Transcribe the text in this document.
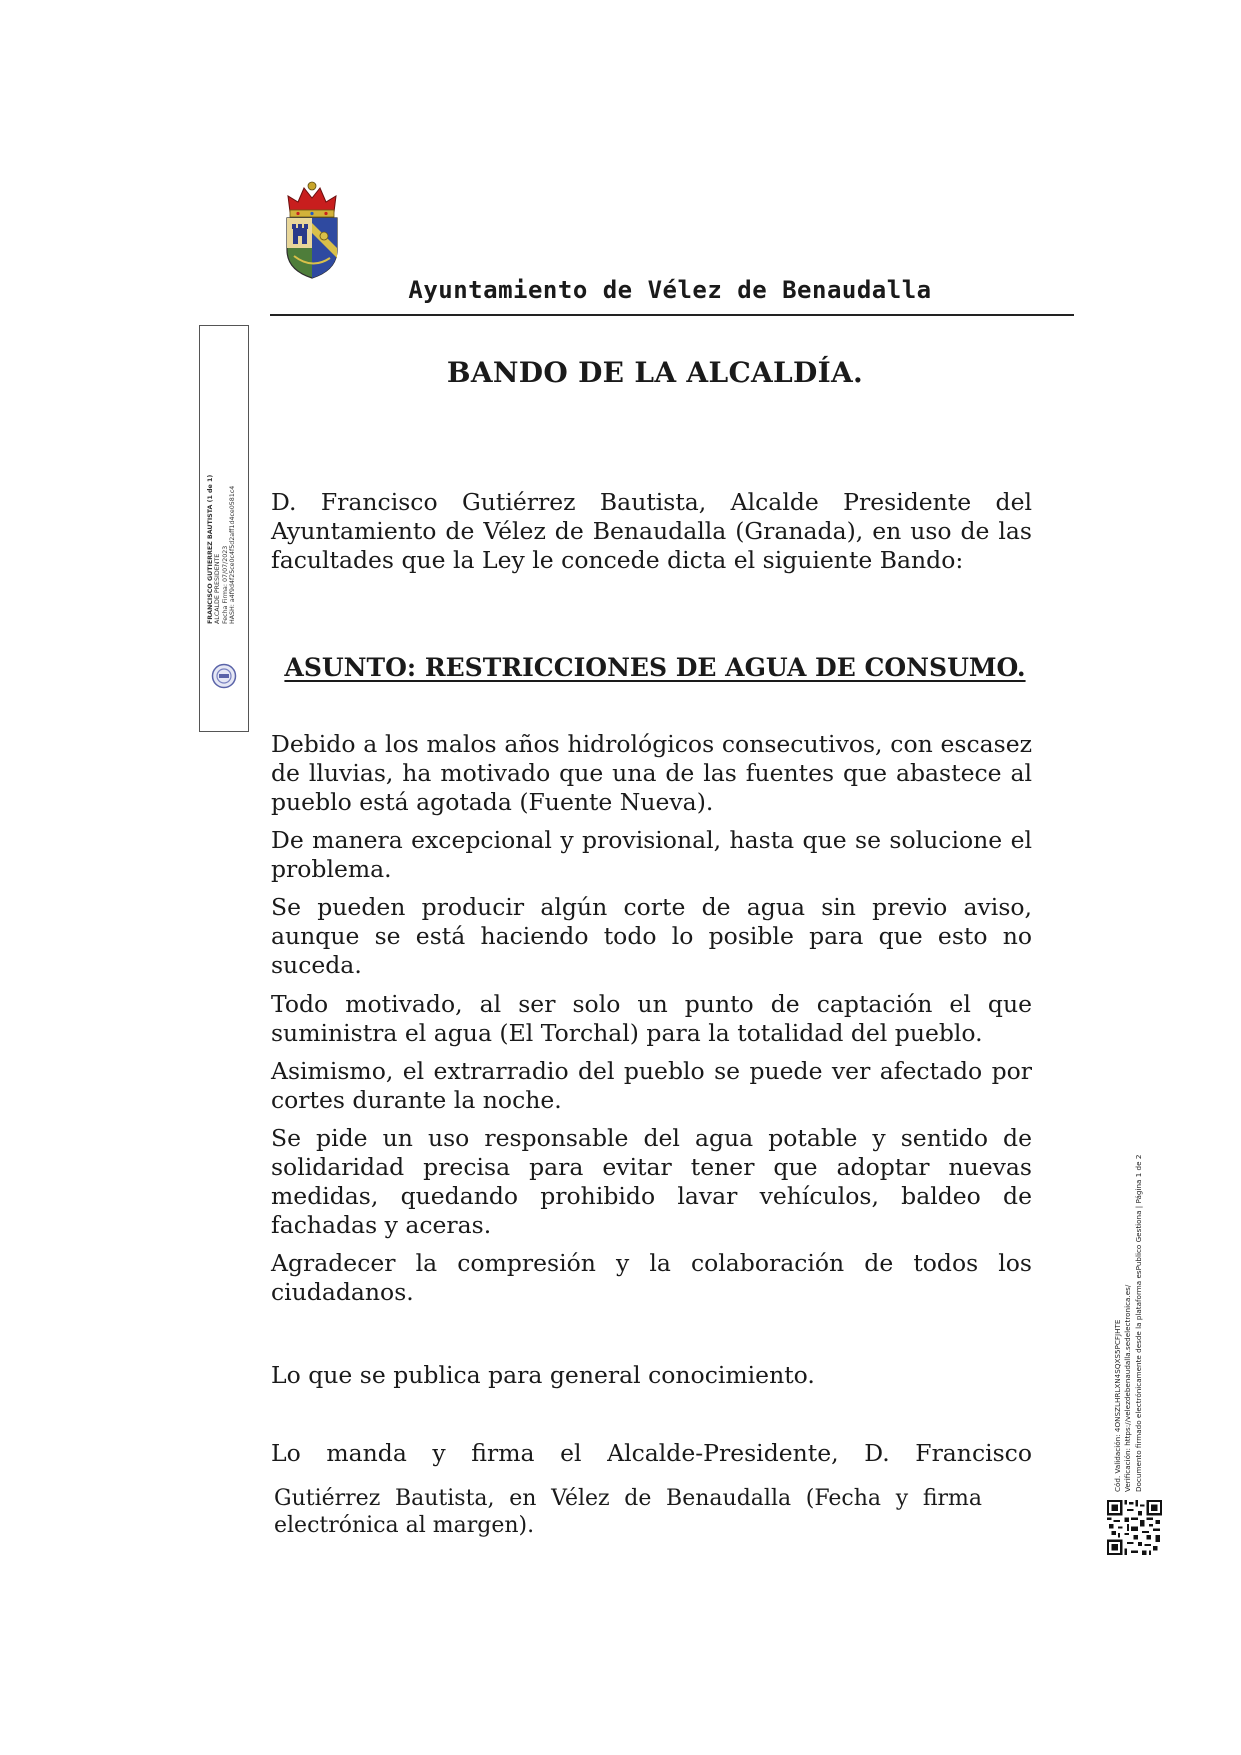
Ayuntamiento de Vélez de Benaudalla
FRANCISCO GUTIERREZ BAUTISTA (1 de 1) ALCALDE PRESIDENTE Fecha Firma: 07/07/2023 HASH: a4f9d4f25ce0c4f5d2aff1d4ce0581c4
BANDO DE LA ALCALDÍA.

D. Francisco Gutiérrez Bautista, Alcalde Presidente del Ayuntamiento de Vélez de Benaudalla (Granada), en uso de las facultades que la Ley le concede dicta el siguiente Bando:

ASUNTO: RESTRICCIONES DE AGUA DE CONSUMO.

Debido a los malos años hidrológicos consecutivos, con escasez de lluvias, ha motivado que una de las fuentes que abastece al pueblo está agotada (Fuente Nueva).

De manera excepcional y provisional, hasta que se solucione el problema.

Se pueden producir algún corte de agua sin previo aviso, aunque se está haciendo todo lo posible para que esto no suceda.

Todo motivado, al ser solo un punto de captación el que suministra el agua (El Torchal) para la totalidad del pueblo.

Asimismo, el extrarradio del pueblo se puede ver afectado por cortes durante la noche.

Se pide un uso responsable del agua potable y sentido de solidaridad precisa para evitar tener que adoptar nuevas medidas, quedando prohibido lavar vehículos, baldeo de fachadas y aceras.

Agradecer la compresión y la colaboración de todos los ciudadanos.

Lo que se publica para general conocimiento.

Lo manda y firma el Alcalde-Presidente, D. Francisco

Gutiérrez Bautista, en Vélez de Benaudalla (Fecha y firma electrónica al margen).

Cód. Validación: 4ONSZLHRLXN4SQXS5PCFJHTE Verificación: https://velezdebenaudalla.sedelectronica.es/ Documento firmado electrónicamente desde la plataforma esPublico Gestiona | Página 1 de 2
